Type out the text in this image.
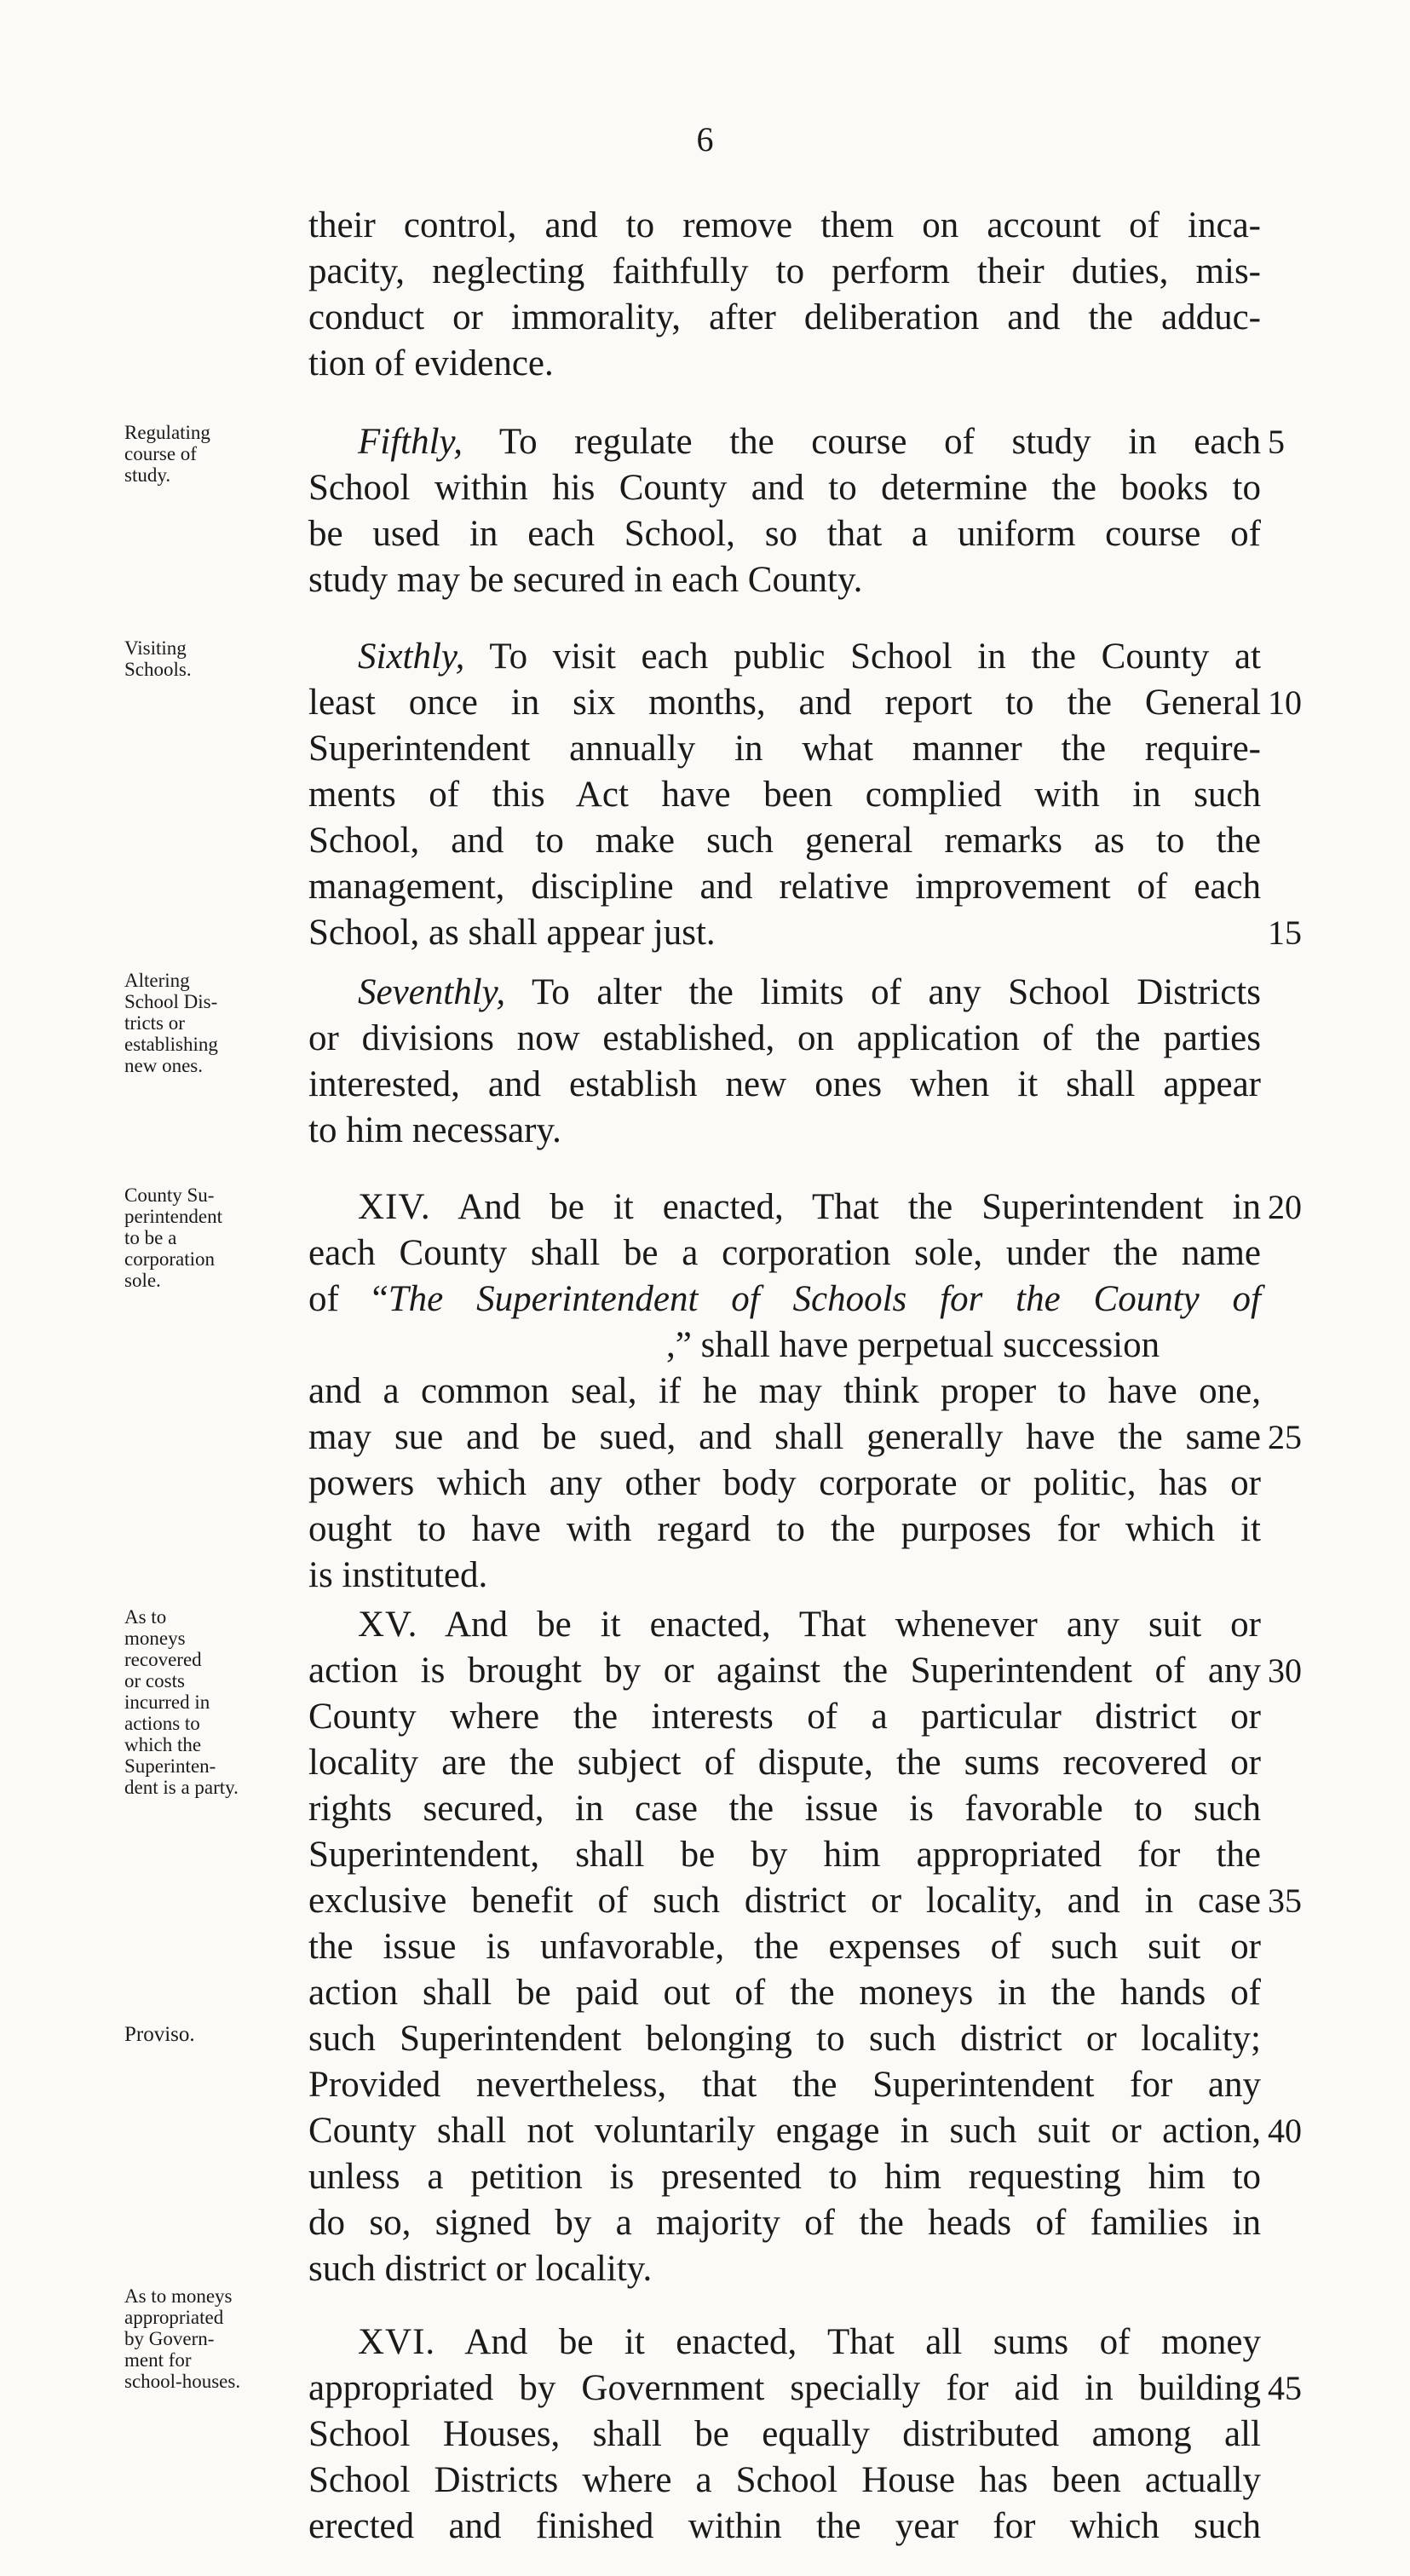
6
Regulating
course of
study.
Visiting
Schools.
Altering
School Dis-
tricts or
establishing
new ones.
County Su-
perintendent
to be a
corporation
sole.
As to
moneys
recovered
or costs
incurred in
actions to
which the
Superinten-
dent is a party.
Proviso.
As to moneys
appropriated
by Govern-
ment for
school-houses.
their control, and to remove them on account of inca-
pacity, neglecting faithfully to perform their duties, mis-
conduct or immorality, after deliberation and the adduc-
tion of evidence.
Fifthly, To regulate the course of study in each
School within his County and to determine the books to
be used in each School, so that a uniform course of
study may be secured in each County.
Sixthly, To visit each public School in the County at
least once in six months, and report to the General
Superintendent annually in what manner the require-
ments of this Act have been complied with in such
School, and to make such general remarks as to the
management, discipline and relative improvement of each
School, as shall appear just.
Seventhly, To alter the limits of any School Districts
or divisions now established, on application of the parties
interested, and establish new ones when it shall appear
to him necessary.
XIV. And be it enacted, That the Superintendent in
each County shall be a corporation sole, under the name
of “The Superintendent of Schools for the County of
,” shall have perpetual succession
and a common seal, if he may think proper to have one,
may sue and be sued, and shall generally have the same
powers which any other body corporate or politic, has or
ought to have with regard to the purposes for which it
is instituted.
XV. And be it enacted, That whenever any suit or
action is brought by or against the Superintendent of any
County where the interests of a particular district or
locality are the subject of dispute, the sums recovered or
rights secured, in case the issue is favorable to such
Superintendent, shall be by him appropriated for the
exclusive benefit of such district or locality, and in case
the issue is unfavorable, the expenses of such suit or
action shall be paid out of the moneys in the hands of
such Superintendent belonging to such district or locality;
Provided nevertheless, that the Superintendent for any
County shall not voluntarily engage in such suit or action,
unless a petition is presented to him requesting him to
do so, signed by a majority of the heads of families in
such district or locality.
XVI. And be it enacted, That all sums of money
appropriated by Government specially for aid in building
School Houses, shall be equally distributed among all
School Districts where a School House has been actually
erected and finished within the year for which such
5
10
15
20
25
30
35
40
45
